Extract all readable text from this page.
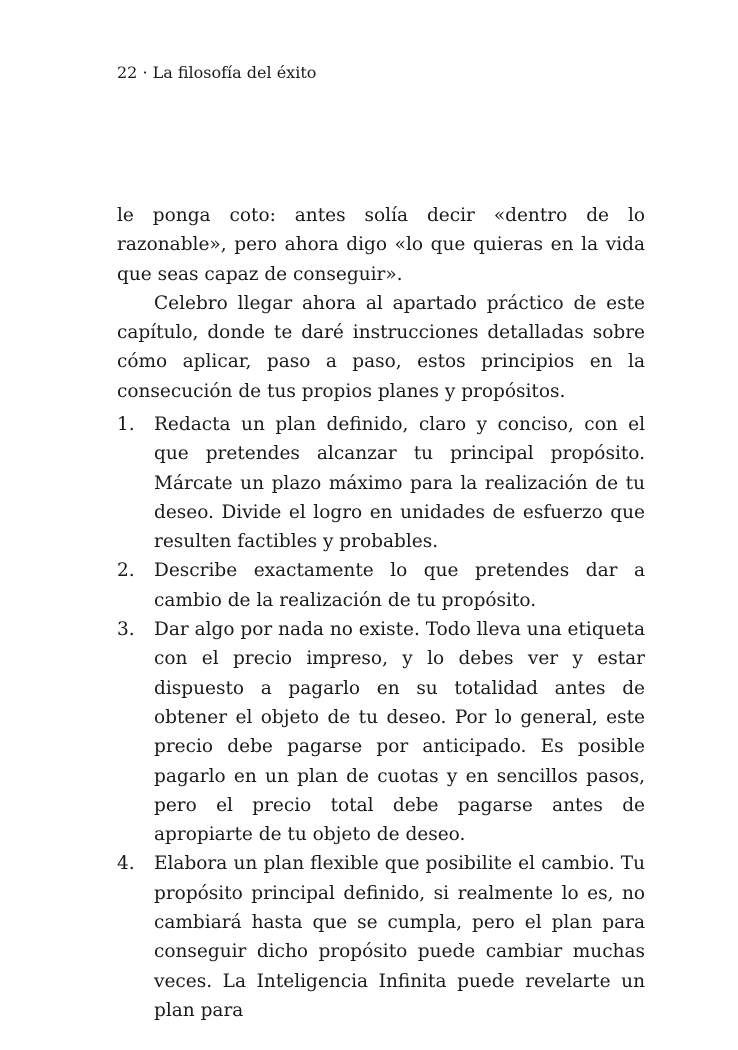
22 · La filosofía del éxito

le ponga coto: antes solía decir «dentro de lo razonable», pero ahora digo «lo que quieras en la vida que seas capaz de conseguir».

Celebro llegar ahora al apartado práctico de este capítulo, donde te daré instrucciones detalladas sobre cómo aplicar, paso a paso, estos principios en la consecución de tus propios planes y propósitos.

1. Redacta un plan definido, claro y conciso, con el que pretendes alcanzar tu principal propósito. Márcate un plazo máximo para la realización de tu deseo. Divide el logro en unidades de esfuerzo que resulten factibles y probables.
2. Describe exactamente lo que pretendes dar a cambio de la realización de tu propósito.
3. Dar algo por nada no existe. Todo lleva una etiqueta con el precio impreso, y lo debes ver y estar dispuesto a pagarlo en su totalidad antes de obtener el objeto de tu deseo. Por lo general, este precio debe pagarse por anticipado. Es posible pagarlo en un plan de cuotas y en sencillos pasos, pero el precio total debe pagarse antes de apropiarte de tu objeto de deseo.
4. Elabora un plan flexible que posibilite el cambio. Tu propósito principal definido, si realmente lo es, no cambiará hasta que se cumpla, pero el plan para conseguir dicho propósito puede cambiar muchas veces. La Inteligencia Infinita puede revelarte un plan para
